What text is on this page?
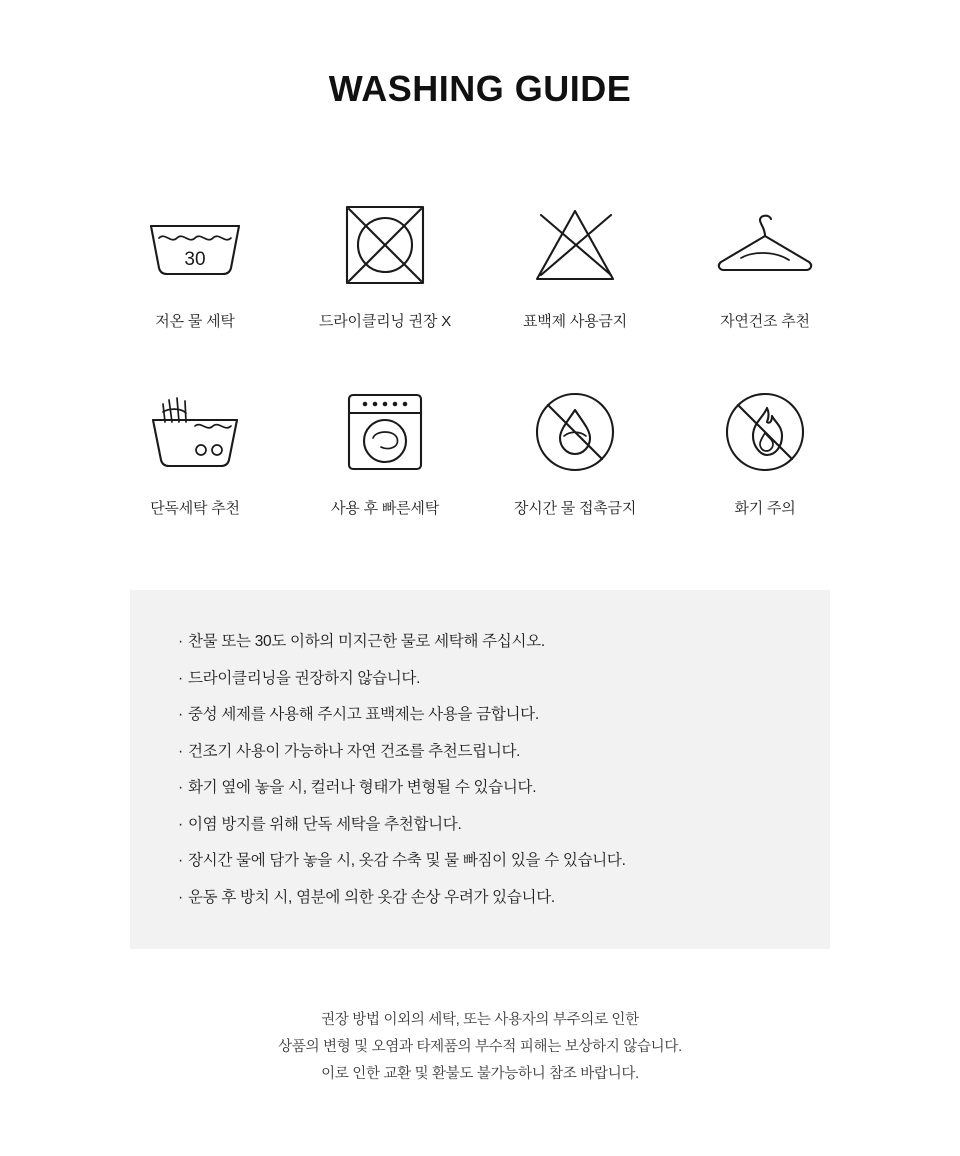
WASHING GUIDE
30
저온 물 세탁	드라이클리닝 권장 X	표백제 사용금지	자연건조 추천
단독세탁 추천	사용 후 빠른세탁	장시간 물 접촉금지	화기 주의
· 찬물 또는 30도 이하의 미지근한 물로 세탁해 주십시오.
· 드라이클리닝을 권장하지 않습니다.
· 중성 세제를 사용해 주시고 표백제는 사용을 금합니다.
· 건조기 사용이 가능하나 자연 건조를 추천드립니다.
· 화기 옆에 놓을 시, 컬러나 형태가 변형될 수 있습니다.
· 이염 방지를 위해 단독 세탁을 추천합니다.
· 장시간 물에 담가 놓을 시, 옷감 수축 및 물 빠짐이 있을 수 있습니다.
· 운동 후 방치 시, 염분에 의한 옷감 손상 우려가 있습니다.
권장 방법 이외의 세탁, 또는 사용자의 부주의로 인한
상품의 변형 및 오염과 타제품의 부수적 피해는 보상하지 않습니다.
이로 인한 교환 및 환불도 불가능하니 참조 바랍니다.
